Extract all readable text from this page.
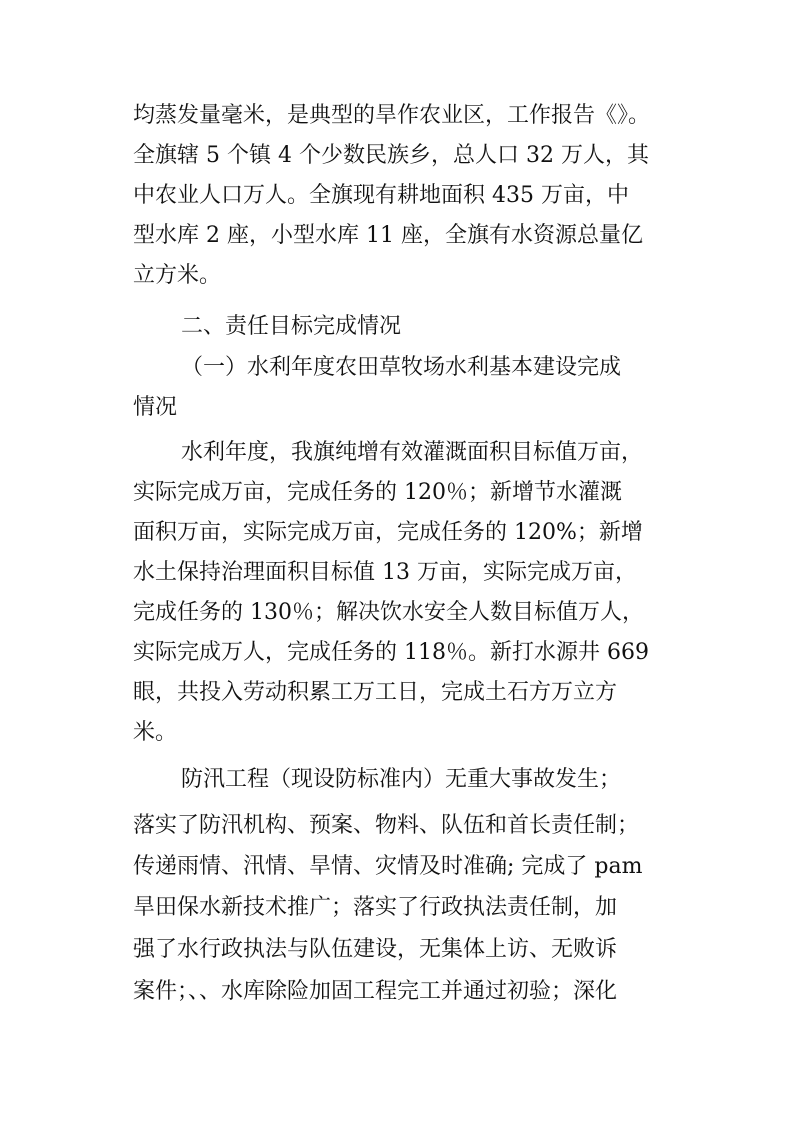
均蒸发量毫米，是典型的旱作农业区，工作报告《》。
全旗辖 5 个镇 4 个少数民族乡，总人口 32 万人，其
中农业人口万人。全旗现有耕地面积 435 万亩，中
型水库 2 座，小型水库 11 座，全旗有水资源总量亿
立方米。
二、责任目标完成情况
（一）水利年度农田草牧场水利基本建设完成
情况
水利年度，我旗纯增有效灌溉面积目标值万亩，
实际完成万亩，完成任务的 120％；新增节水灌溉
面积万亩，实际完成万亩，完成任务的 120%；新增
水土保持治理面积目标值 13 万亩，实际完成万亩，
完成任务的 130％；解决饮水安全人数目标值万人，
实际完成万人，完成任务的 118％。新打水源井 669
眼，共投入劳动积累工万工日，完成土石方万立方
米。
防汛工程（现设防标准内）无重大事故发生；
落实了防汛机构、预案、物料、队伍和首长责任制；
传递雨情、汛情、旱情、灾情及时准确; 完成了 pam
旱田保水新技术推广；落实了行政执法责任制，加
强了水行政执法与队伍建设，无集体上访、无败诉
案件；、、水库除险加固工程完工并通过初验；深化
